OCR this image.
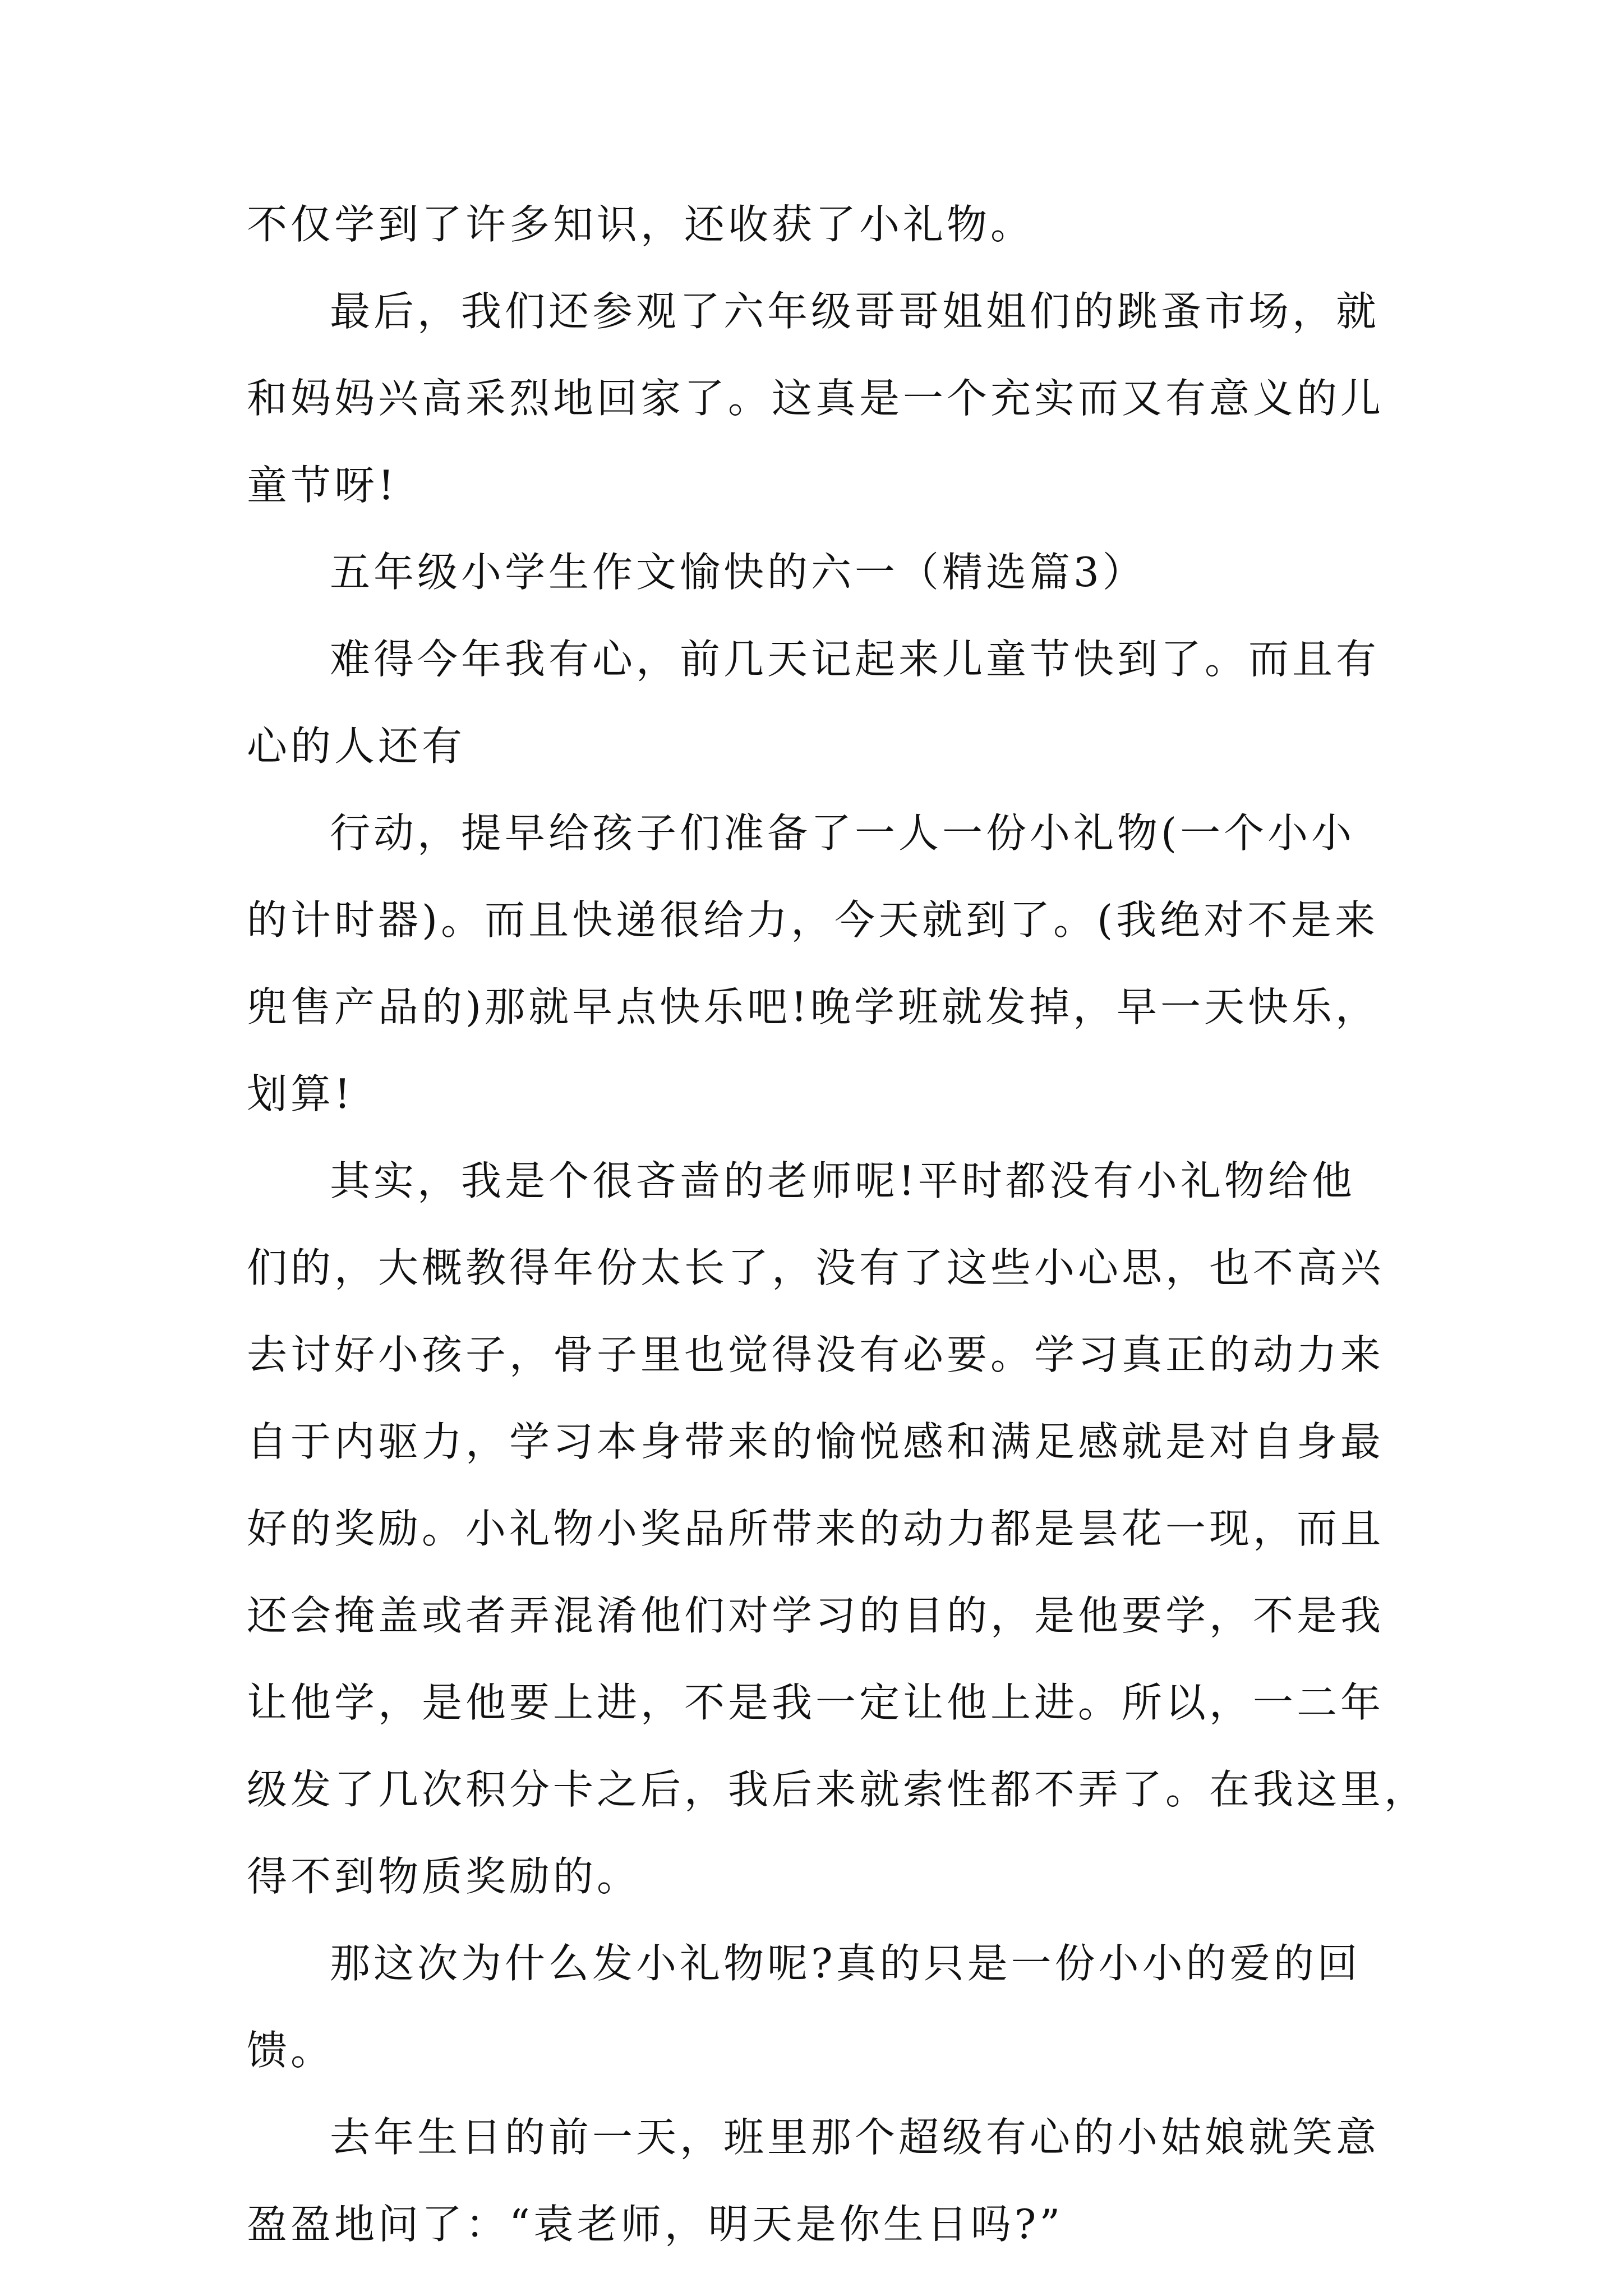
不仅学到了许多知识，还收获了小礼物。
最后，我们还参观了六年级哥哥姐姐们的跳蚤市场，就
和妈妈兴高采烈地回家了。这真是一个充实而又有意义的儿
童节呀!
五年级小学生作文愉快的六一（精选篇3）
难得今年我有心，前几天记起来儿童节快到了。而且有
心的人还有
行动，提早给孩子们准备了一人一份小礼物(一个小小
的计时器)。而且快递很给力，今天就到了。(我绝对不是来
兜售产品的)那就早点快乐吧!晚学班就发掉，早一天快乐，
划算!
其实，我是个很吝啬的老师呢!平时都没有小礼物给他
们的，大概教得年份太长了，没有了这些小心思，也不高兴
去讨好小孩子，骨子里也觉得没有必要。学习真正的动力来
自于内驱力，学习本身带来的愉悦感和满足感就是对自身最
好的奖励。小礼物小奖品所带来的动力都是昙花一现，而且
还会掩盖或者弄混淆他们对学习的目的，是他要学，不是我
让他学，是他要上进，不是我一定让他上进。所以，一二年
级发了几次积分卡之后，我后来就索性都不弄了。在我这里，
得不到物质奖励的。
那这次为什么发小礼物呢?真的只是一份小小的爱的回
馈。
去年生日的前一天，班里那个超级有心的小姑娘就笑意
盈盈地问了：“袁老师，明天是你生日吗?”
